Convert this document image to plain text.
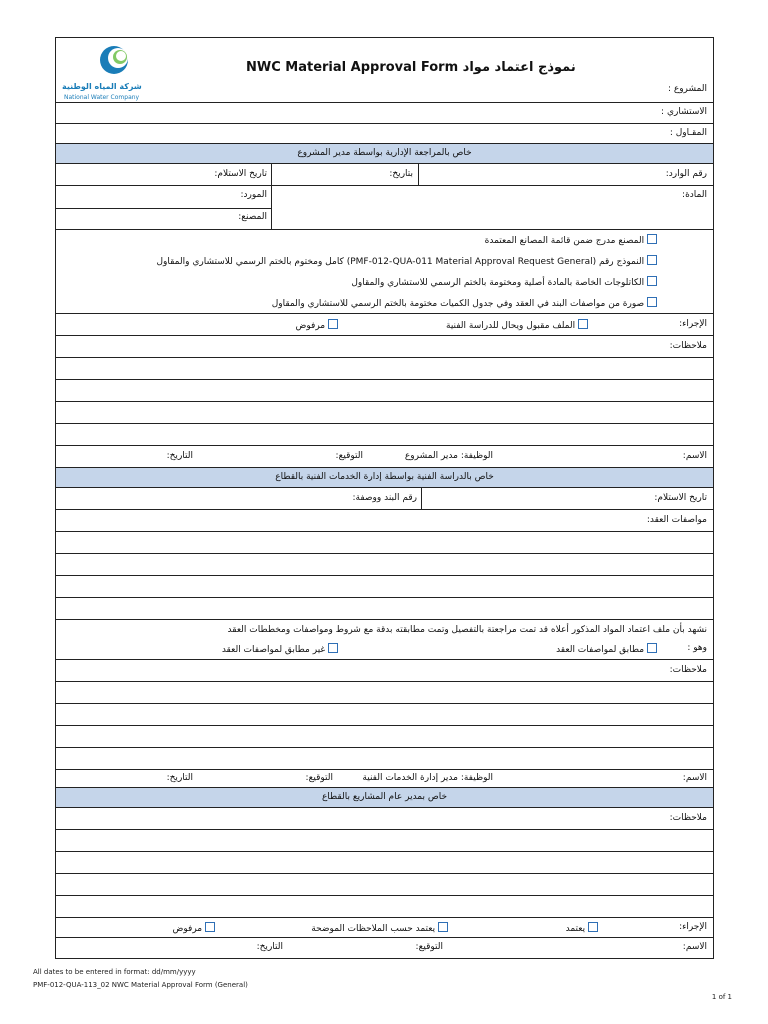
شركة المياه الوطنية
National Water Company
NWC Material Approval Form نموذج اعتماد مواد
المشروع :
الاستشاري :
المقـاول :
خاص بالمراجعة الإدارية بواسطة مدير المشروع
رقم الوارد:
بتاريخ:
تاريخ الاستلام:
المادة:
المورد:
المصنع:
المصنع مدرج ضمن قائمة المصانع المعتمدة
النموذج رقم (PMF-012-QUA-011 Material Approval Request General) كامل ومختوم بالختم الرسمي للاستشاري والمقاول
الكاتلوجات الخاصة بالمادة أصلية ومختومة بالختم الرسمي للاستشاري والمقاول
صورة من مواصفات البند في العقد وفي جدول الكميات مختومة بالختم الرسمي للاستشاري والمقاول
الإجراء:
الملف مقبول ويحال للدراسة الفنية
مرفوض
ملاحظات:
الاسم:
الوظيفة: مدير المشروع
التوقيع:
التاريخ:
خاص بالدراسة الفنية بواسطة إدارة الخدمات الفنية بالقطاع
تاريخ الاستلام:
رقم البند ووصفة:
مواصفات العقد:
نشهد بأن ملف اعتماد المواد المذكور أعلاه قد تمت مراجعتة بالتفصيل وتمت مطابقته بدقة مع شروط ومواصفات ومخططات العقد
وهو :
مطابق لمواصفات العقد
غير مطابق لمواصفات العقد
ملاحظات:
الاسم:
الوظيفة: مدير إدارة الخدمات الفنية
التوقيع:
التاريخ:
خاص بمدير عام المشاريع بالقطاع
ملاحظات:
الإجراء:
يعتمد
يعتمد حسب الملاحظات الموضحة
مرفوض
الاسم:
التوقيع:
التاريخ:
All dates to be entered in format: dd/mm/yyyy
PMF-012-QUA-113_02 NWC Material Approval Form (General)
1 of 1
